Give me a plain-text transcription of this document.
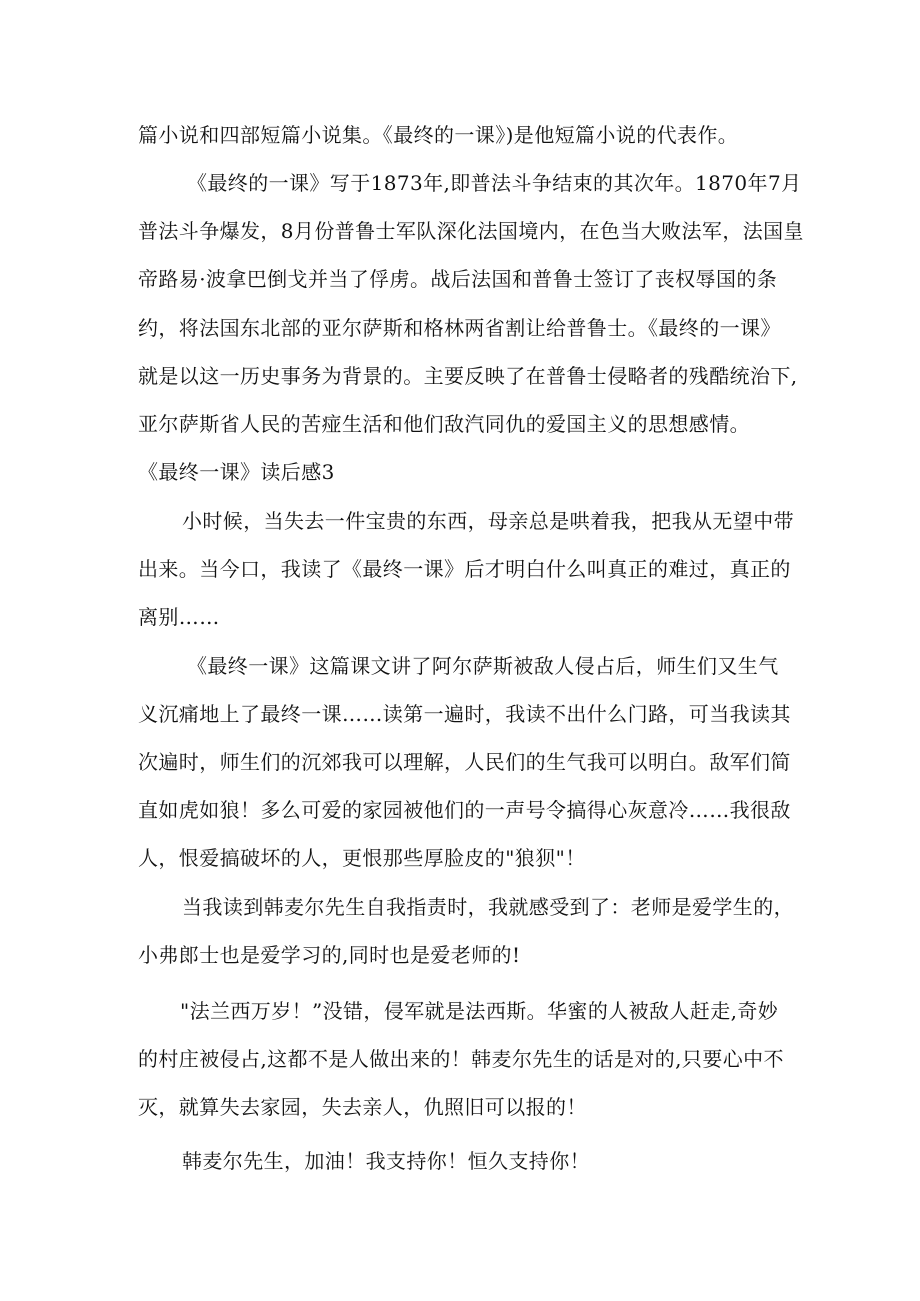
篇小说和四部短篇小说集。《最终的一课》)是他短篇小说的代表作。
《最终的一课》写于1873年,即普法斗争结束的其次年。1870年7月
普法斗争爆发，8月份普鲁士军队深化法国境内，在色当大败法军，法国皇
帝路易·波拿巴倒戈并当了俘虏。战后法国和普鲁士签订了丧权辱国的条
约，将法国东北部的亚尔萨斯和格林两省割让给普鲁士。《最终的一课》
就是以这一历史事务为背景的。主要反映了在普鲁士侵略者的残酷统治下,
亚尔萨斯省人民的苦痖生活和他们敌汽同仇的爱国主义的思想感情。
《最终一课》读后感3
小时候，当失去一件宝贵的东西，母亲总是哄着我，把我从无望中带
出来。当今口，我读了《最终一课》后才明白什么叫真正的难过，真正的
离别……
《最终一课》这篇课文讲了阿尔萨斯被敌人侵占后，师生们又生气
义沉痛地上了最终一课……读第一遍时，我读不出什么门路，可当我读其
次遍时，师生们的沉郊我可以理解，人民们的生气我可以明白。敌军们简
直如虎如狼！多么可爱的家园被他们的一声号令搞得心灰意冷……我很敌
人，恨爱搞破坏的人，更恨那些厚脸皮的"狼狈"！
当我读到韩麦尔先生自我指责时，我就感受到了：老师是爱学生的，
小弗郎士也是爱学习的,同时也是爱老师的!
"法兰西万岁！”没错，侵军就是法西斯。华蜜的人被敌人赶走,奇妙
的村庄被侵占,这都不是人做出来的！韩麦尔先生的话是对的,只要心中不
灭，就算失去家园，失去亲人，仇照旧可以报的！
韩麦尔先生，加油！我支持你！恒久支持你！
